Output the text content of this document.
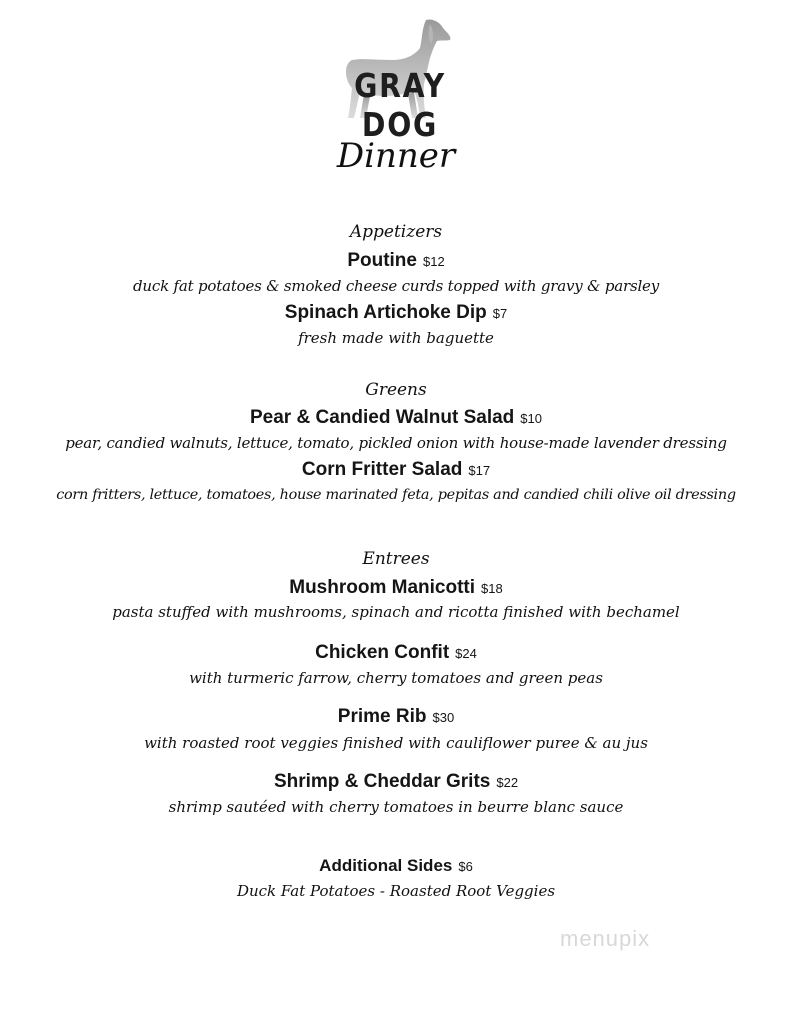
GRAY DOG
Dinner
Appetizers
Poutine $12
duck fat potatoes & smoked cheese curds topped with gravy & parsley
Spinach Artichoke Dip $7
fresh made with baguette
Greens
Pear & Candied Walnut Salad $10
pear, candied walnuts, lettuce, tomato, pickled onion with house-made lavender dressing
Corn Fritter Salad $17
corn fritters, lettuce, tomatoes, house marinated feta, pepitas and candied chili olive oil dressing
Entrees
Mushroom Manicotti $18
pasta stuffed with mushrooms, spinach and ricotta finished with bechamel
Chicken Confit $24
with turmeric farrow, cherry tomatoes and green peas
Prime Rib $30
with roasted root veggies finished with cauliflower puree & au jus
Shrimp & Cheddar Grits $22
shrimp sautéed with cherry tomatoes in beurre blanc sauce
Additional Sides $6
Duck Fat Potatoes - Roasted Root Veggies
menupix
